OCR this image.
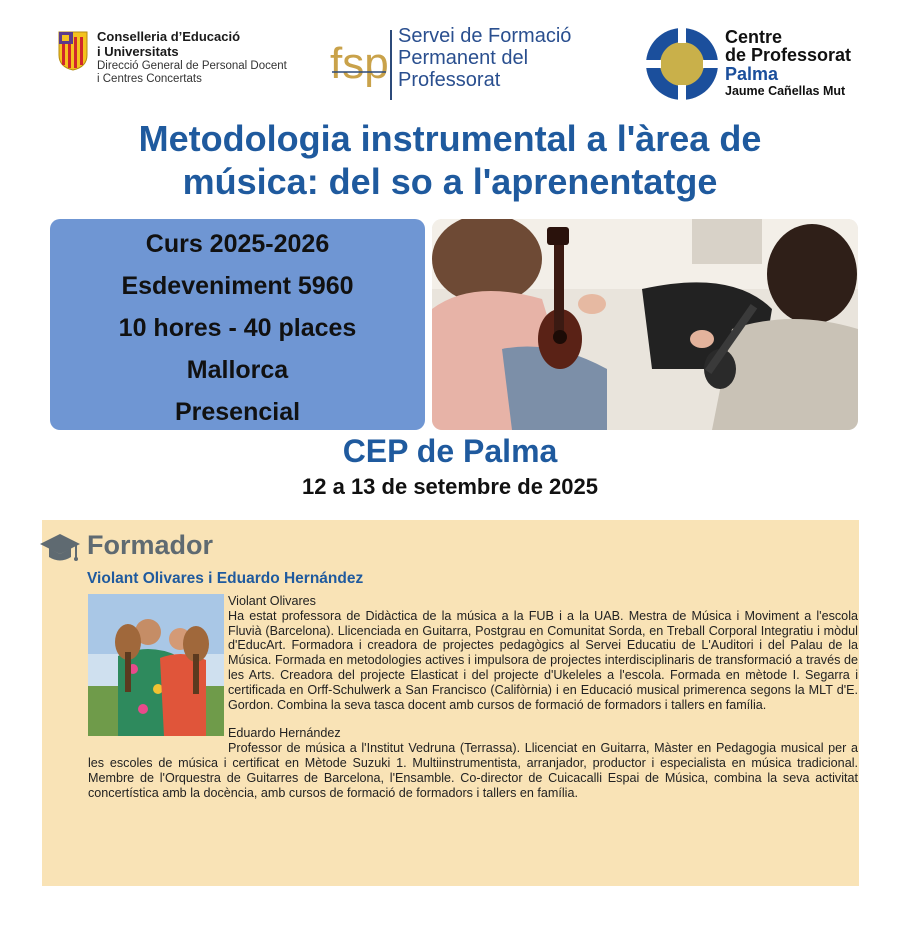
Conselleria d’Educació
i Universitats
Direcció General de Personal Docent
i Centres Concertats	fsp
Servei de Formació
Permanent del
Professorat
Centre
de Professorat
Palma
Jaume Cañellas Mut
Metodologia instrumental a l'àrea de
música: del so a l'aprenentatge
Curs 2025-2026
Esdeveniment 5960
10 hores - 40 places
Mallorca
Presencial
CEP de Palma
12 a 13 de setembre de 2025
Formador
Violant Olivares i Eduardo Hernández
Violant Olivares

Ha estat professora de Didàctica de la música a la FUB i a la UAB. Mestra de Música i Moviment a l'escola Fluvià (Barcelona). Llicenciada en Guitarra, Postgrau en Comunitat Sorda, en Treball Corporal Integratiu i mòdul d'EducArt. Formadora i creadora de projectes pedagògics al Servei Educatiu de L'Auditori i del Palau de la Música. Formada en metodologies actives i impulsora de projectes interdisciplinaris de transformació a través de les Arts. Creadora del projecte Elasticat i del projecte d'Ukeleles a l'escola. Formada en mètode I. Segarra i certificada en Orff-Schulwerk a San Francisco (Califòrnia) i en Educació musical primerenca segons la MLT d'E. Gordon. Combina la seva tasca docent amb cursos de formació de formadors i tallers en família.

Eduardo Hernández

Professor de música a l'Institut Vedruna (Terrassa). Llicenciat en Guitarra, Màster en Pedagogia musical per a les escoles de música i certificat en Mètode Suzuki 1. Multiinstrumentista, arranjador, productor i especialista en música tradicional. Membre de l'Orquestra de Guitarres de Barcelona, l'Ensamble. Co-director de Cuicacalli Espai de Música, combina la seva activitat concertística amb la docència, amb cursos de formació de formadors i tallers en família.
